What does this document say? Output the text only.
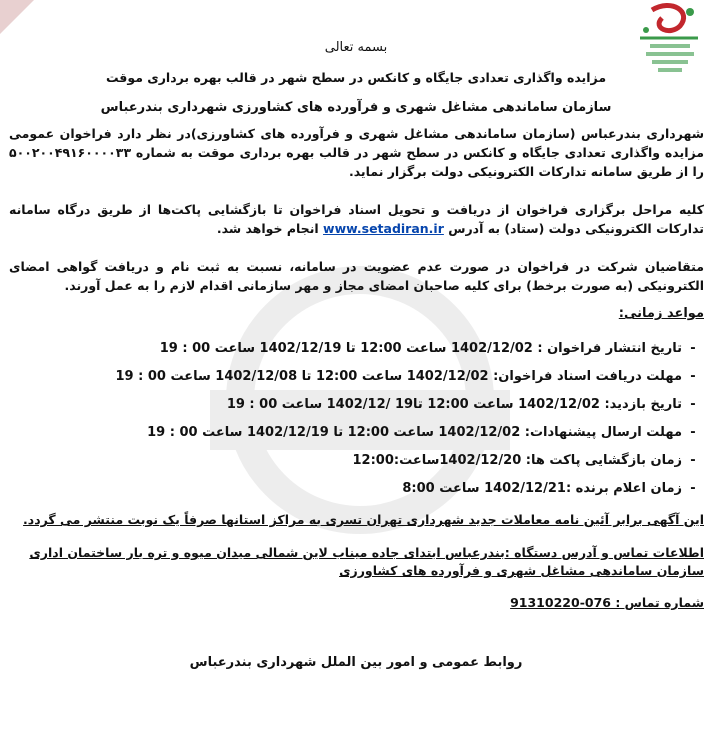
بسمه تعالی
مزایده واگذاری تعدادی جایگاه و کانکس در سطح شهر در قالب بهره برداری موقت
سازمان ساماندهی مشاغل شهری و فرآورده های کشاورزی شهرداری بندرعباس
شهرداری بندرعباس (سازمان ساماندهی مشاغل شهری و فرآورده های کشاورزی)در نظر دارد فراخوان عمومی مزایده واگذاری تعدادی جایگاه و کانکس در سطح شهر در قالب بهره برداری موقت به شماره ۵۰۰۲۰۰۴۹۱۶۰۰۰۰۳۳ را از طریق سامانه تدارکات الکترونیکی دولت برگزار نماید.
کلیه مراحل برگزاری فراخوان از دریافت و تحویل اسناد فراخوان تا بازگشایی پاکت‌ها از طریق درگاه سامانه تدارکات الکترونیکی دولت (ستاد) به آدرس www.setadiran.ir انجام خواهد شد.
متقاضیان شرکت در فراخوان در صورت عدم عضویت در سامانه، نسبت به ثبت نام و دریافت گواهی امضای الکترونیکی (به صورت برخط) برای کلیه صاحبان امضای مجاز و مهر سازمانی اقدام لازم را به عمل آورند.
مواعد زمانی:
-
تاریخ انتشار فراخوان : 1402/12/02 ساعت 12:00 تا 1402/12/19 ساعت 00 : 19
-
مهلت دریافت اسناد فراخوان: 1402/12/02 ساعت 12:00 تا 1402/12/08 ساعت 00 : 19
-
تاریخ بازدید: 1402/12/02 ساعت 12:00 تا19 /1402/12 ساعت 00 : 19
-
مهلت ارسال پیشنهادات: 1402/12/02 ساعت 12:00 تا 1402/12/19 ساعت 00 : 19
-
زمان بازگشایی پاکت ها: 1402/12/20ساعت:12:00
-
زمان اعلام برنده :1402/12/21 ساعت 8:00
این آگهی برابر آئین نامه معاملات جدید شهرداری تهران تسری به مراکز استانها صرفاً یک نوبت منتشر می گردد.
اطلاعات تماس و آدرس دستگاه :بندرعباس ابتدای جاده میناب لاین شمالی میدان میوه و تره بار ساختمان اداری سازمان ساماندهی مشاغل شهری و فرآورده های کشاورزی
شماره تماس : 076-91310220
روابط عمومی و امور بین الملل شهرداری بندرعباس
